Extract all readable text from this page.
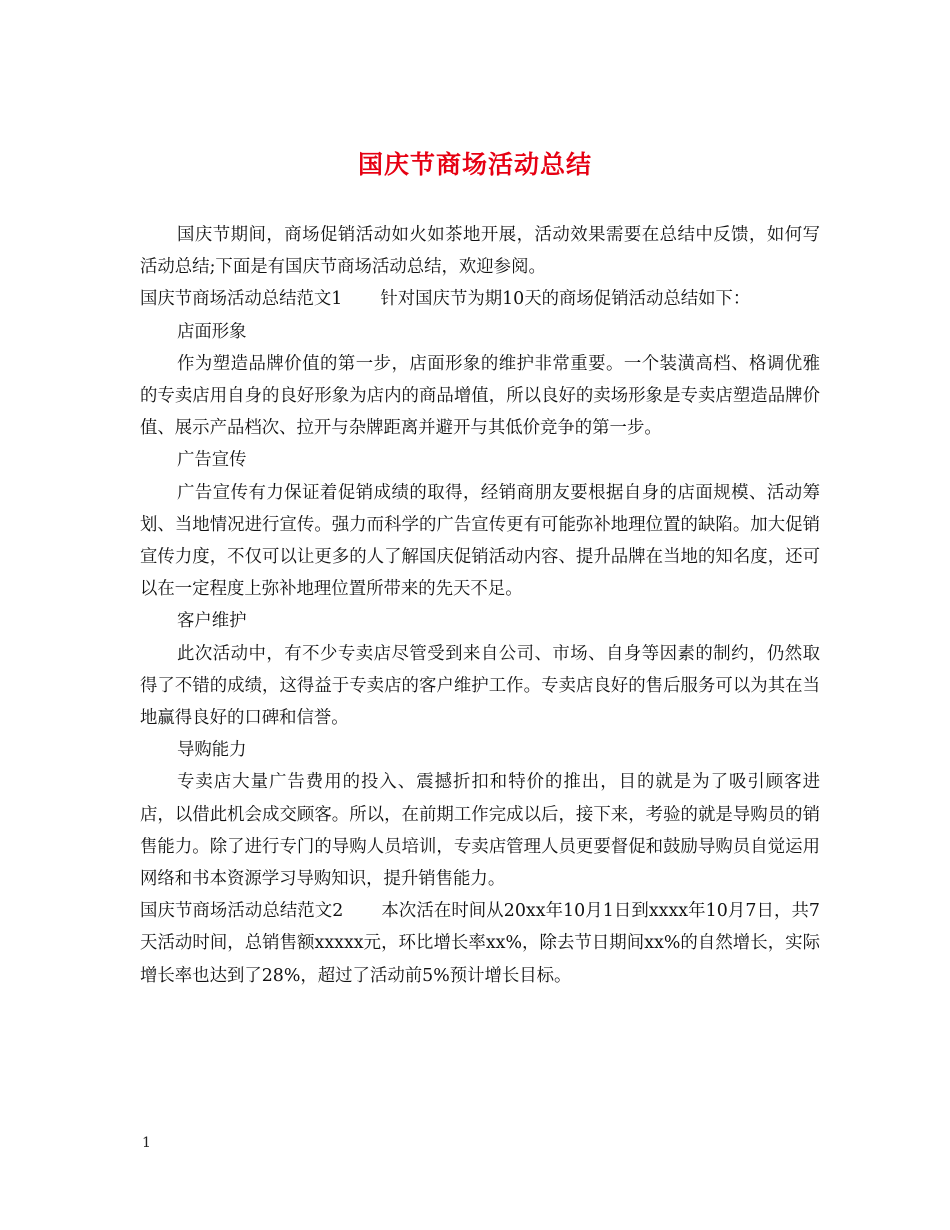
国庆节商场活动总结

国庆节期间，商场促销活动如火如茶地开展，活动效果需要在总结中反馈，如何写活动总结;下面是有国庆节商场活动总结，欢迎参阅。

国庆节商场活动总结范文1 针对国庆节为期10天的商场促销活动总结如下：

店面形象

作为塑造品牌价值的第一步，店面形象的维护非常重要。一个装潢高档、格调优雅的专卖店用自身的良好形象为店内的商品增值，所以良好的卖场形象是专卖店塑造品牌价值、展示产品档次、拉开与杂牌距离并避开与其低价竞争的第一步。

广告宣传

广告宣传有力保证着促销成绩的取得，经销商朋友要根据自身的店面规模、活动筹划、当地情况进行宣传。强力而科学的广告宣传更有可能弥补地理位置的缺陷。加大促销宣传力度，不仅可以让更多的人了解国庆促销活动内容、提升品牌在当地的知名度，还可以在一定程度上弥补地理位置所带来的先天不足。

客户维护

此次活动中，有不少专卖店尽管受到来自公司、市场、自身等因素的制约，仍然取得了不错的成绩，这得益于专卖店的客户维护工作。专卖店良好的售后服务可以为其在当地赢得良好的口碑和信誉。

导购能力

专卖店大量广告费用的投入、震撼折扣和特价的推出，目的就是为了吸引顾客进店，以借此机会成交顾客。所以，在前期工作完成以后，接下来，考验的就是导购员的销售能力。除了进行专门的导购人员培训，专卖店管理人员更要督促和鼓励导购员自觉运用网络和书本资源学习导购知识，提升销售能力。

国庆节商场活动总结范文2 本次活在时间从20xx年10月1日到xxxx年10月7日，共7天活动时间，总销售额xxxxx元，环比增长率xx%，除去节日期间xx%的自然增长，实际增长率也达到了28%，超过了活动前5%预计增长目标。

1
